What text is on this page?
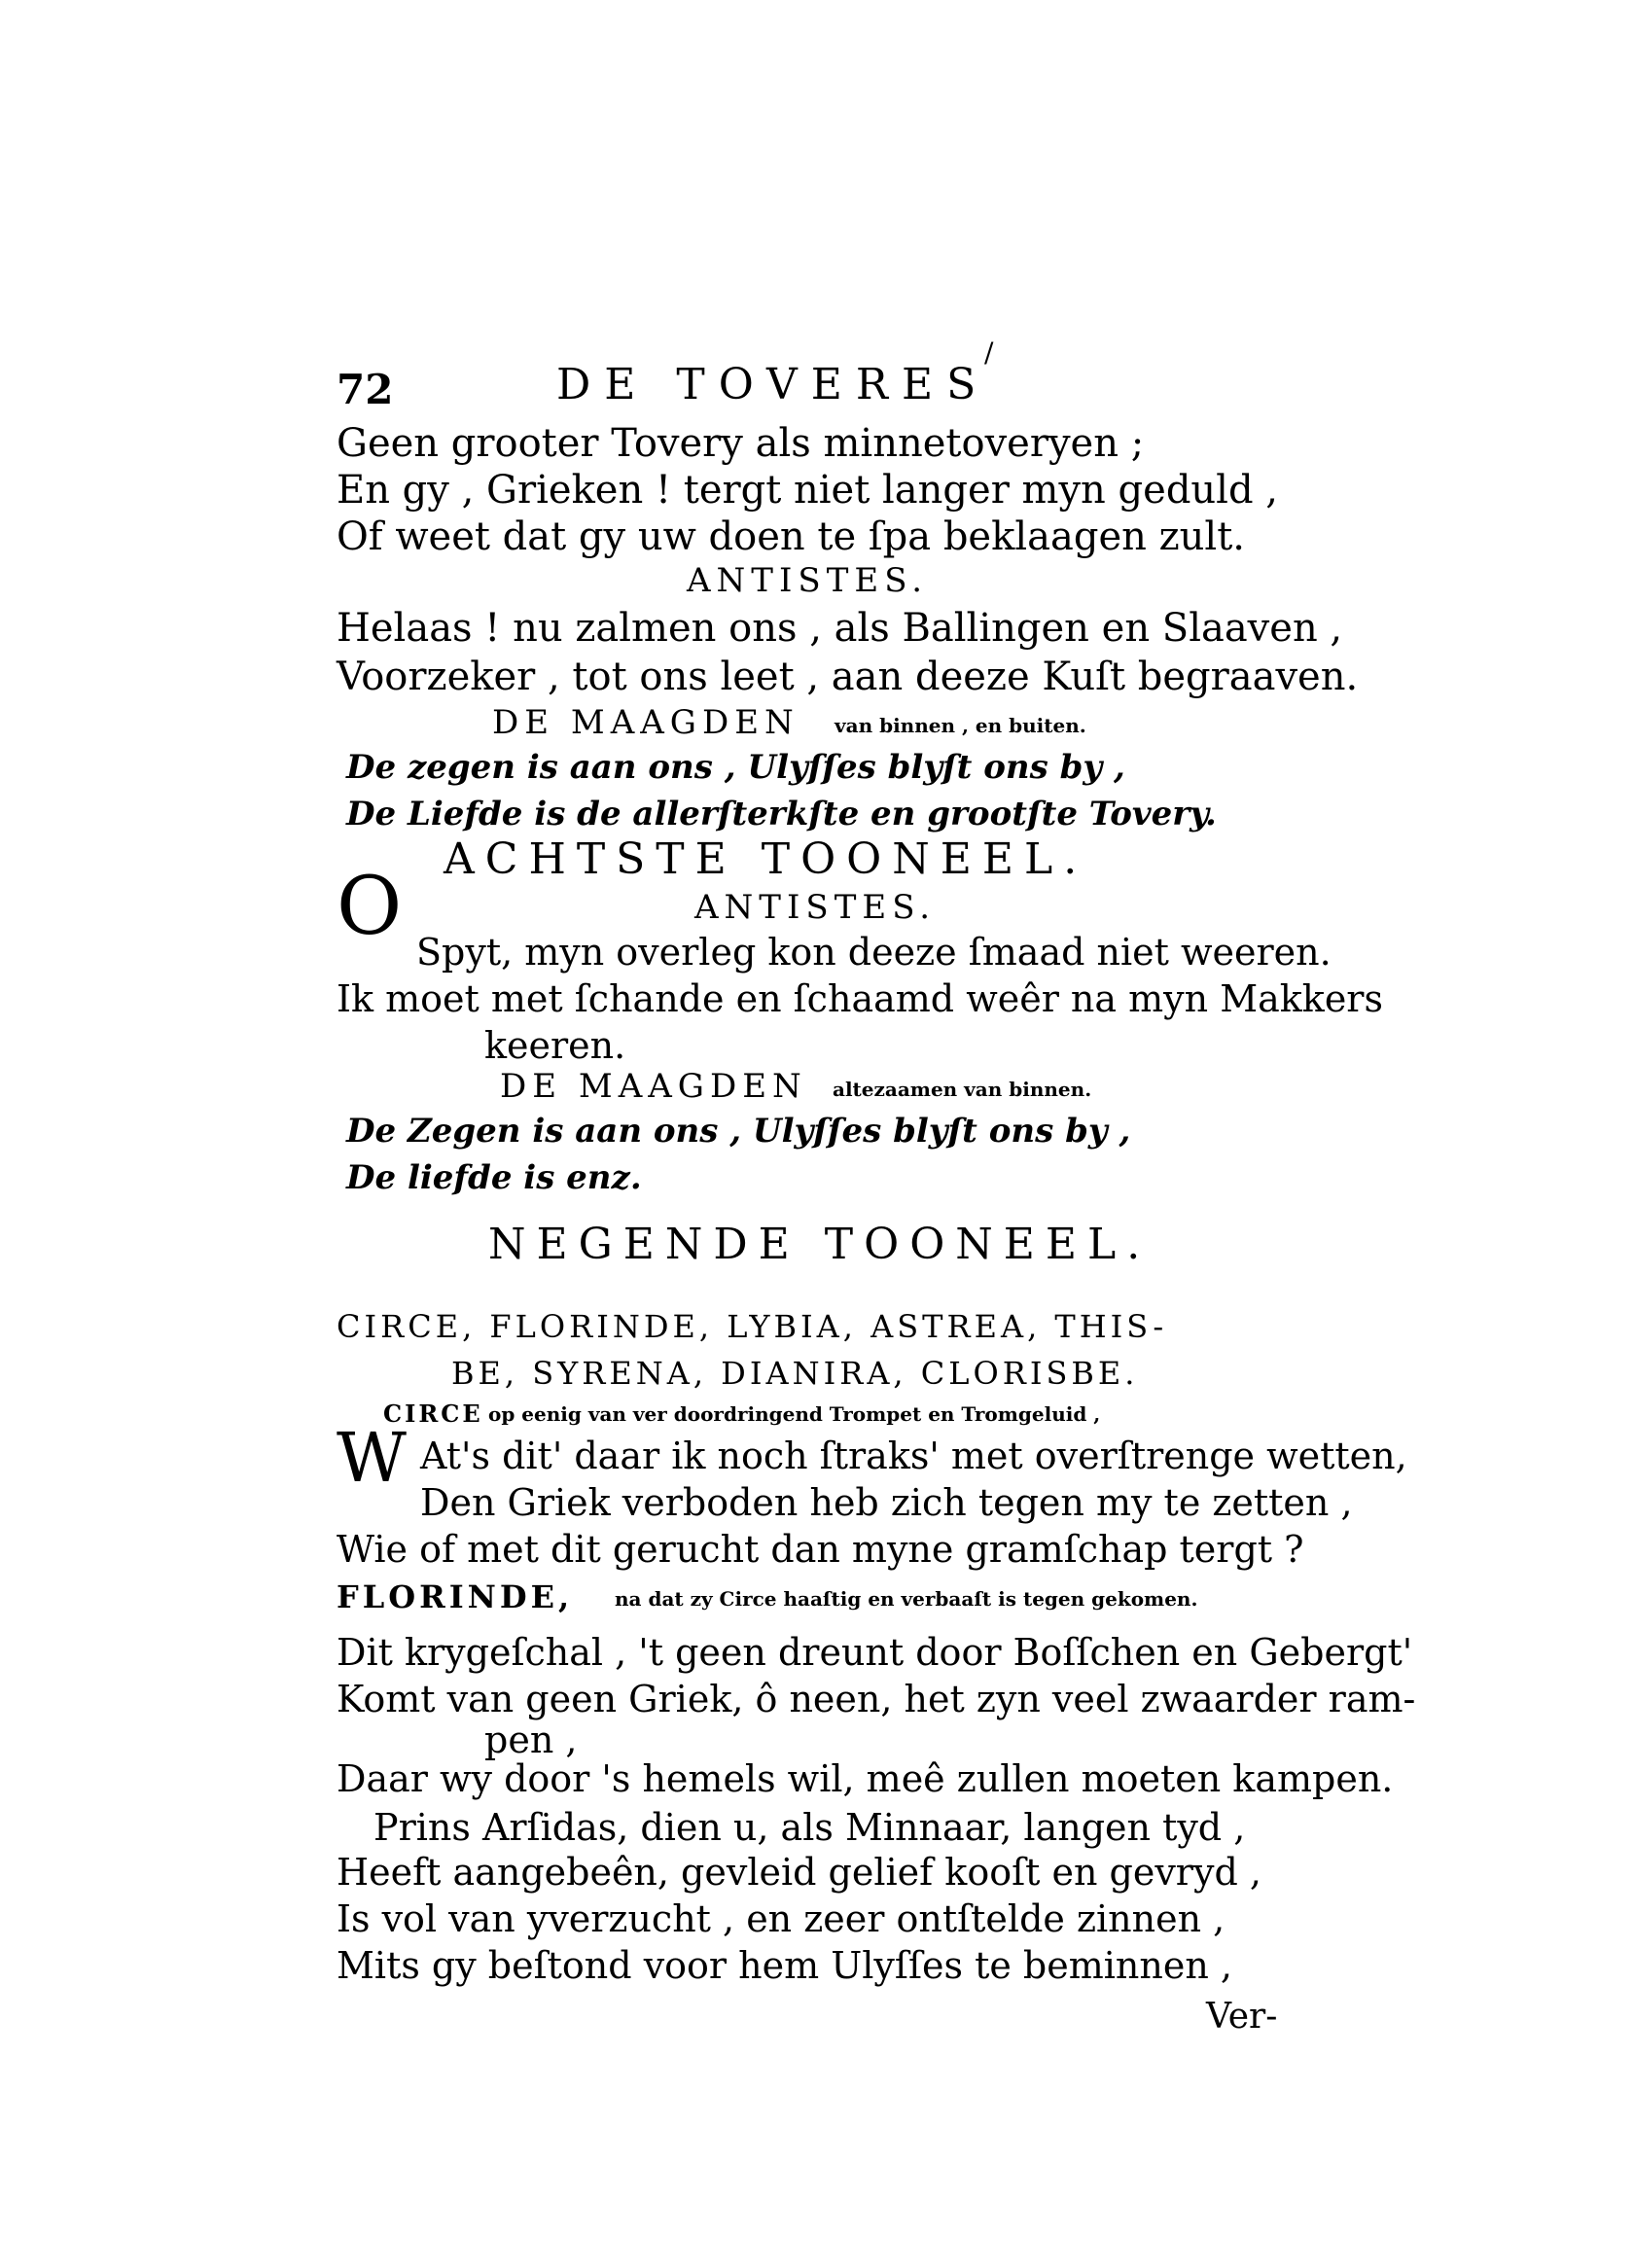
72
/
DE TOVERES
Geen grooter Tovery als minnetoveryen ;
En gy , Grieken ! tergt niet langer myn geduld ,
Of weet dat gy uw doen te ſpa beklaagen zult.
ANTISTES.
Helaas ! nu zalmen ons , als Ballingen en Slaaven ,
Voorzeker , tot ons leet , aan deeze Kuſt begraaven.
DE MAAGDEN van binnen , en buiten.
De zegen is aan ons , Ulyſſes blyſt ons by ,
De Liefde is de allerſterkſte en grootſte Tovery.
ACHTSTE TOONEEL.
O	ANTISTES.
Spyt, myn overleg kon deeze ſmaad niet weeren.
Ik moet met ſchande en ſchaamd weêr na myn Makkers
keeren.
DE MAAGDEN altezaamen van binnen.
De Zegen is aan ons , Ulyſſes blyſt ons by ,
De liefde is enz.
NEGENDE TOONEEL.
CIRCE, FLORINDE, LYBIA, ASTREA, THIS-
BE, SYRENA, DIANIRA, CLORISBE.
CIRCE op eenig van ver doordringend Trompet en Tromgeluid ,
W At's dit' daar ik noch ſtraks' met overſtrenge wetten,
Den Griek verboden heb zich tegen my te zetten ,
Wie of met dit gerucht dan myne gramſchap tergt ?
FLORINDE, na dat zy Circe haaſtig en verbaaſt is tegen gekomen.
Dit krygeſchal , 't geen dreunt door Boſſchen en Gebergt'
Komt van geen Griek, ô neen, het zyn veel zwaarder ram-
pen ,
Daar wy door 's hemels wil, meê zullen moeten kampen.
Prins Arſidas, dien u, als Minnaar, langen tyd ,
Heeft aangebeên, gevleid gelief kooſt en gevryd ,
Is vol van yverzucht , en zeer ontſtelde zinnen ,
Mits gy beſtond voor hem Ulyſſes te beminnen ,
Ver-
